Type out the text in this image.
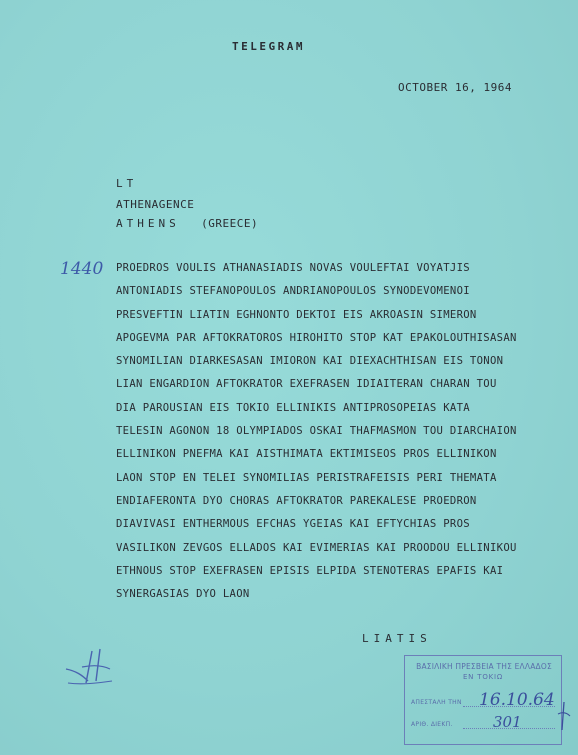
TELEGRAM
OCTOBER 16, 1964
LT
ATHENAGENCE
ATHENS (GREECE)
1440 PROEDROS VOULIS ATHANASIADIS NOVAS VOULEFTAI VOYATJIS
ANTONIADIS STEFANOPOULOS ANDRIANOPOULOS SYNODEVOMENOI
PRESVEFTIN LIATIN EGHNONTO DEKTOI EIS AKROASIN SIMERON
APOGEVMA PAR AFTOKRATOROS HIROHITO STOP KAT EPAKOLOUTHISASAN
SYNOMILIAN DIARKESASAN IMIORON KAI DIEXACHTHISAN EIS TONON
LIAN ENGARDION AFTOKRATOR EXEFRASEN IDIAITERAN CHARAN TOU
DIA PAROUSIAN EIS TOKIO ELLINIKIS ANTIPROSOPEIAS KATA
TELESIN AGONON 18 OLYMPIADOS OSKAI THAFMASMON TOU DIARCHAION
ELLINIKON PNEFMA KAI AISTHIMATA EKTIMISEOS PROS ELLINIKON
LAON STOP EN TELEI SYNOMILIAS PERISTRAFEISIS PERI THEMATA
ENDIAFERONTA DYO CHORAS AFTOKRATOR PAREKALESE PROEDRON
DIAVIVASI ENTHERMOUS EFCHAS YGEIAS KAI EFTYCHIAS PROS
VASILIKON ZEVGOS ELLADOS KAI EVIMERIAS KAI PROODOU ELLINIKOU
ETHNOUS STOP EXEFRASEN EPISIS ELPIDA STENOTERAS EPAFIS KAI
SYNERGASIAS DYO LAON
LIATIS
ΒΑΣΙΛΙΚΗ ΠΡΕΣΒΕΙΑ ΤΗΣ ΕΛΛΑΔΟΣ
ΕΝ ΤΟΚΙΩ
ΑΠΕΣΤΑΛΗ ΤΗΝ 16.10.64
ΑΡΙΘ. ΔΙΕΚΠ.	301
